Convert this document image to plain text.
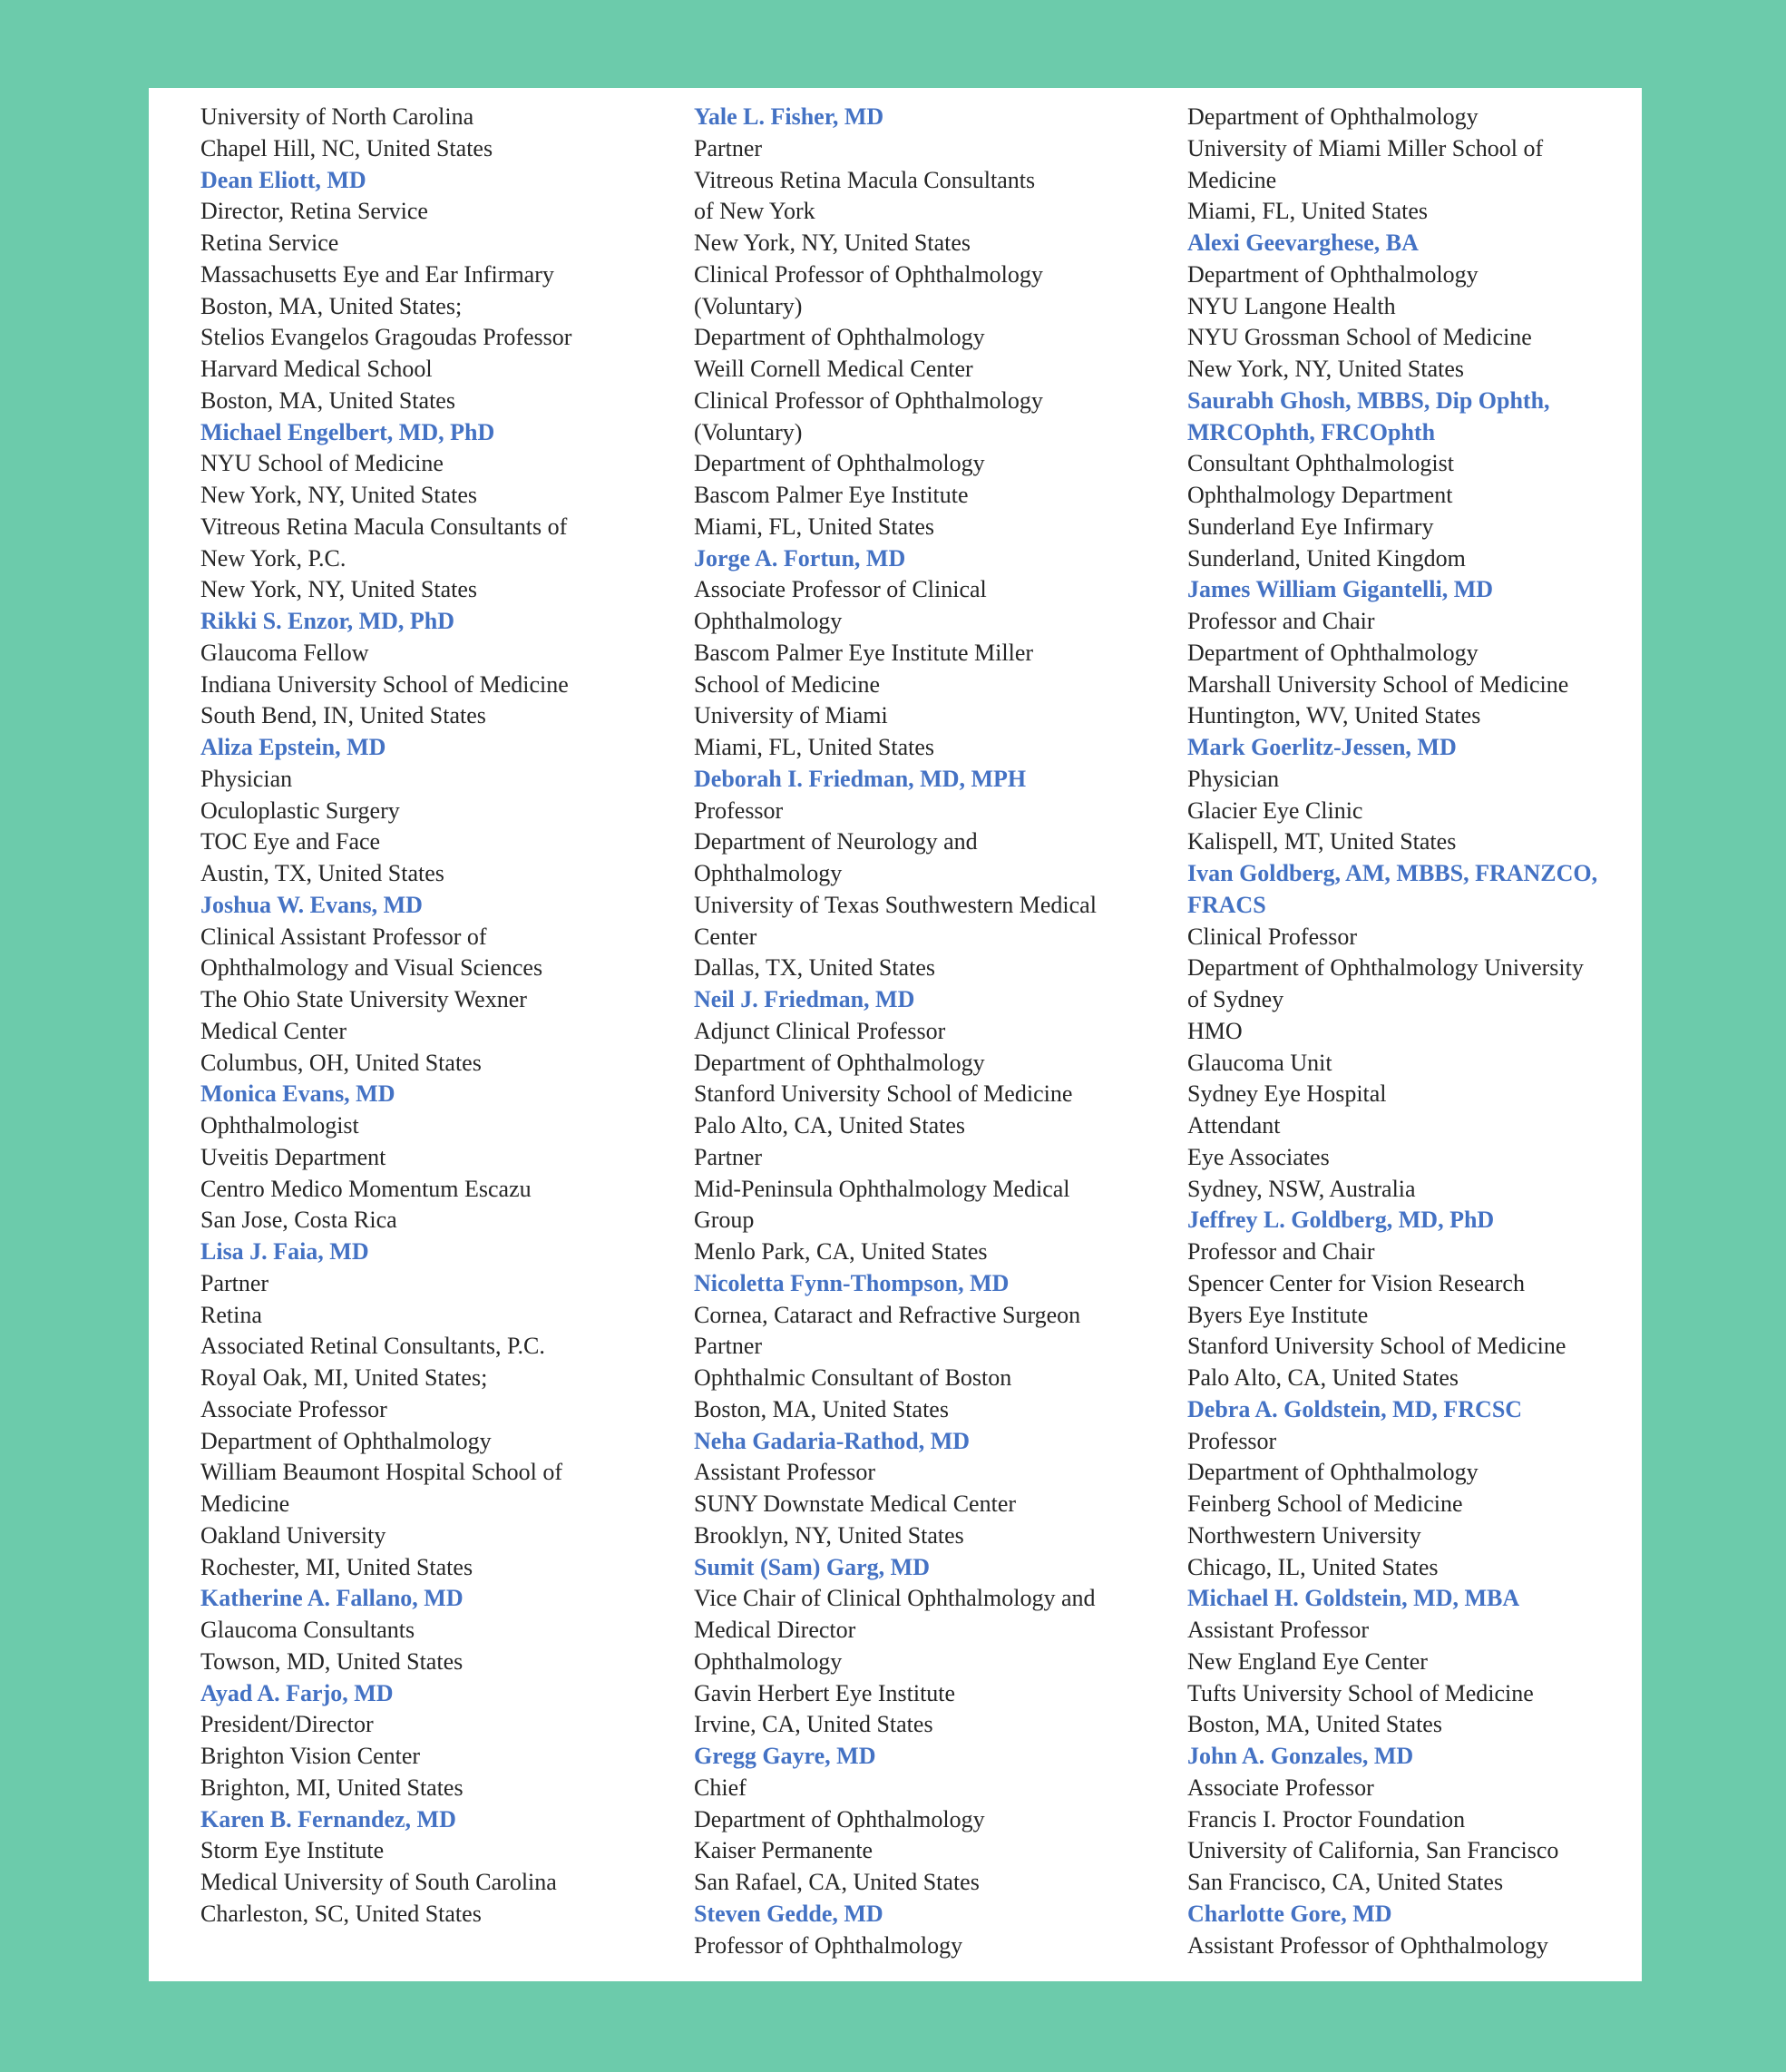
University of North Carolina
Chapel Hill, NC, United States
Dean Eliott, MD
Director, Retina Service
Retina Service
Massachusetts Eye and Ear Infirmary
Boston, MA, United States;
Stelios Evangelos Gragoudas Professor
Harvard Medical School
Boston, MA, United States
Michael Engelbert, MD, PhD
NYU School of Medicine
New York, NY, United States
Vitreous Retina Macula Consultants of
New York, P.C.
New York, NY, United States
Rikki S. Enzor, MD, PhD
Glaucoma Fellow
Indiana University School of Medicine
South Bend, IN, United States
Aliza Epstein, MD
Physician
Oculoplastic Surgery
TOC Eye and Face
Austin, TX, United States
Joshua W. Evans, MD
Clinical Assistant Professor of
Ophthalmology and Visual Sciences
The Ohio State University Wexner
Medical Center
Columbus, OH, United States
Monica Evans, MD
Ophthalmologist
Uveitis Department
Centro Medico Momentum Escazu
San Jose, Costa Rica
Lisa J. Faia, MD
Partner
Retina
Associated Retinal Consultants, P.C.
Royal Oak, MI, United States;
Associate Professor
Department of Ophthalmology
William Beaumont Hospital School of
Medicine
Oakland University
Rochester, MI, United States
Katherine A. Fallano, MD
Glaucoma Consultants
Towson, MD, United States
Ayad A. Farjo, MD
President/Director
Brighton Vision Center
Brighton, MI, United States
Karen B. Fernandez, MD
Storm Eye Institute
Medical University of South Carolina
Charleston, SC, United States
Yale L. Fisher, MD
Partner
Vitreous Retina Macula Consultants
of New York
New York, NY, United States
Clinical Professor of Ophthalmology
(Voluntary)
Department of Ophthalmology
Weill Cornell Medical Center
Clinical Professor of Ophthalmology
(Voluntary)
Department of Ophthalmology
Bascom Palmer Eye Institute
Miami, FL, United States
Jorge A. Fortun, MD
Associate Professor of Clinical
Ophthalmology
Bascom Palmer Eye Institute Miller
School of Medicine
University of Miami
Miami, FL, United States
Deborah I. Friedman, MD, MPH
Professor
Department of Neurology and
Ophthalmology
University of Texas Southwestern Medical
Center
Dallas, TX, United States
Neil J. Friedman, MD
Adjunct Clinical Professor
Department of Ophthalmology
Stanford University School of Medicine
Palo Alto, CA, United States
Partner
Mid-Peninsula Ophthalmology Medical
Group
Menlo Park, CA, United States
Nicoletta Fynn-Thompson, MD
Cornea, Cataract and Refractive Surgeon
Partner
Ophthalmic Consultant of Boston
Boston, MA, United States
Neha Gadaria-Rathod, MD
Assistant Professor
SUNY Downstate Medical Center
Brooklyn, NY, United States
Sumit (Sam) Garg, MD
Vice Chair of Clinical Ophthalmology and
Medical Director
Ophthalmology
Gavin Herbert Eye Institute
Irvine, CA, United States
Gregg Gayre, MD
Chief
Department of Ophthalmology
Kaiser Permanente
San Rafael, CA, United States
Steven Gedde, MD
Professor of Ophthalmology
Department of Ophthalmology
University of Miami Miller School of
Medicine
Miami, FL, United States
Alexi Geevarghese, BA
Department of Ophthalmology
NYU Langone Health
NYU Grossman School of Medicine
New York, NY, United States
Saurabh Ghosh, MBBS, Dip Ophth,
MRCOphth, FRCOphth
Consultant Ophthalmologist
Ophthalmology Department
Sunderland Eye Infirmary
Sunderland, United Kingdom
James William Gigantelli, MD
Professor and Chair
Department of Ophthalmology
Marshall University School of Medicine
Huntington, WV, United States
Mark Goerlitz-Jessen, MD
Physician
Glacier Eye Clinic
Kalispell, MT, United States
Ivan Goldberg, AM, MBBS, FRANZCO,
FRACS
Clinical Professor
Department of Ophthalmology University
of Sydney
HMO
Glaucoma Unit
Sydney Eye Hospital
Attendant
Eye Associates
Sydney, NSW, Australia
Jeffrey L. Goldberg, MD, PhD
Professor and Chair
Spencer Center for Vision Research
Byers Eye Institute
Stanford University School of Medicine
Palo Alto, CA, United States
Debra A. Goldstein, MD, FRCSC
Professor
Department of Ophthalmology
Feinberg School of Medicine
Northwestern University
Chicago, IL, United States
Michael H. Goldstein, MD, MBA
Assistant Professor
New England Eye Center
Tufts University School of Medicine
Boston, MA, United States
John A. Gonzales, MD
Associate Professor
Francis I. Proctor Foundation
University of California, San Francisco
San Francisco, CA, United States
Charlotte Gore, MD
Assistant Professor of Ophthalmology
